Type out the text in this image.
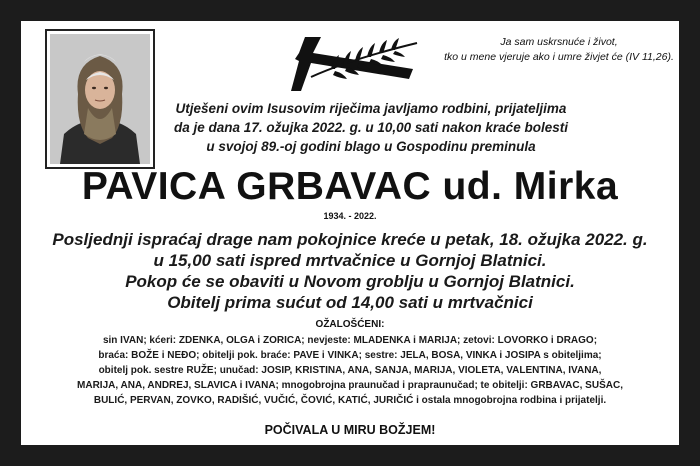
Ja sam uskrsnuće i život,
tko u mene vjeruje ako i umre živjet će (IV 11,26).
Utješeni ovim Isusovim riječima javljamo rodbini, prijateljima
da je dana 17. ožujka 2022. g. u 10,00 sati nakon kraće bolesti
u svojoj 89.-oj godini blago u Gospodinu preminula
PAVICA GRBAVAC ud. Mirka
1934. - 2022.
Posljednji ispraćaj drage nam pokojnice kreće u petak, 18. ožujka 2022. g.
u 15,00 sati ispred mrtvačnice u Gornjoj Blatnici.
Pokop će se obaviti u Novom groblju u Gornjoj Blatnici.
Obitelj prima sućut od 14,00 sati u mrtvačnici
OŽALOŠĆENI:
sin IVAN; kćeri: ZDENKA, OLGA i ZORICA; nevjeste: MLADENKA i MARIJA; zetovi: LOVORKO i DRAGO;
braća: BOŽE i NEĐO; obitelji pok. braće: PAVE i VINKA; sestre: JELA, BOSA, VINKA i JOSIPA s obiteljima;
obitelj pok. sestre RUŽE; unučad: JOSIP, KRISTINA, ANA, SANJA, MARIJA, VIOLETA, VALENTINA, IVANA,
MARIJA, ANA, ANDREJ, SLAVICA i IVANA; mnogobrojna praunučad i praprаunučad; te obitelji: GRBAVAC, SUŠAC,
BULIĆ, PERVAN, ZOVKO, RADIŠIĆ, VUČIĆ, ČOVIĆ, KATIĆ, JURIČIĆ i ostala mnogobrojna rodbina i prijatelji.
POČIVALA U MIRU BOŽJEM!
